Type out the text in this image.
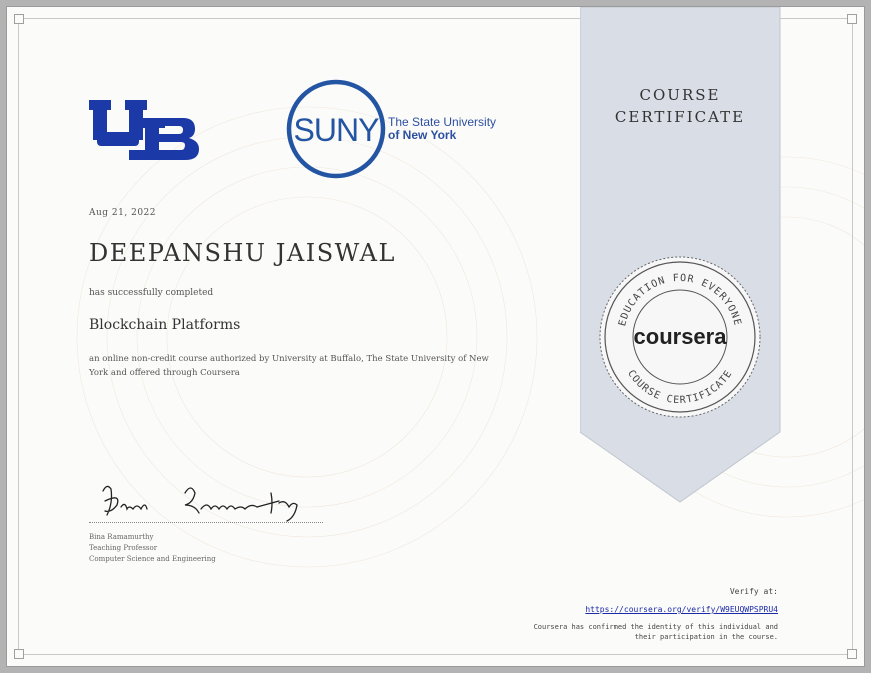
SUNY The State University
of New York
Aug 21, 2022
DEEPANSHU JAISWAL
has successfully completed
Blockchain Platforms
an online non-credit course authorized by University at Buffalo, The State University of New York and offered through Coursera
Bina Ramamurthy
Teaching Professor
Computer Science and Engineering
Verify at:
https://coursera.org/verify/W9EUQWPSPRU4
Coursera has confirmed the identity of this individual and their participation in the course.
COURSE
CERTIFICATE
EDUCATION FOR EVERYONE
COURSE CERTIFICATE
coursera
